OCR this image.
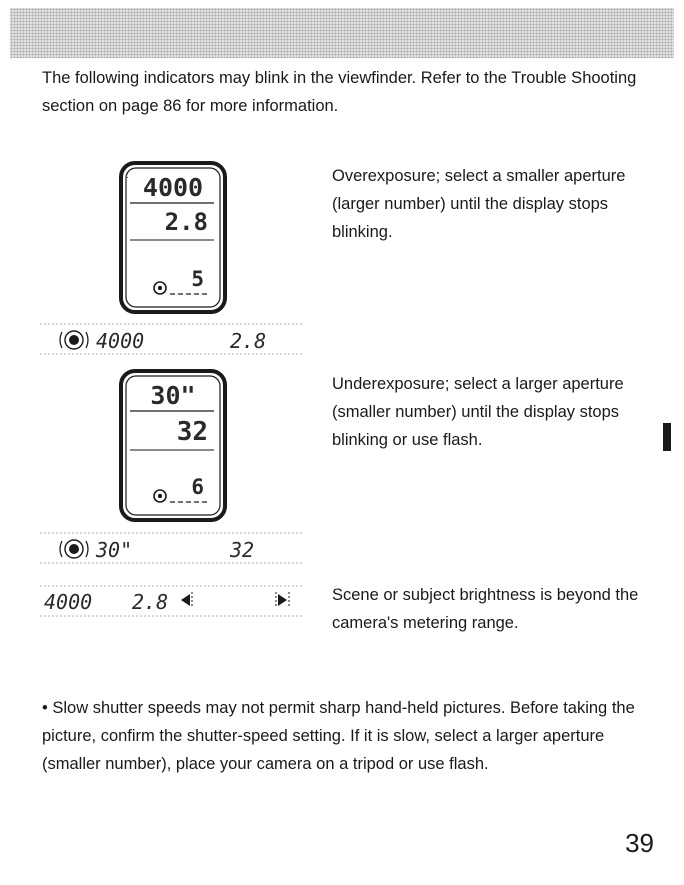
The following indicators may blink in the viewfinder. Refer to the Trouble Shooting section on page 86 for more information.

· 4000
2.8
5
4000	2.8

Overexposure; select a smaller aperture (larger number) until the display stops blinking.

30"
32
6
30"	32

Underexposure; select a larger aperture (smaller number) until the display stops blinking or use flash.

4000 2.8	Scene or subject brightness is beyond the camera's metering range.

• Slow shutter speeds may not permit sharp hand-held pictures. Before taking the picture, confirm the shutter-speed setting. If it is slow, select a larger aperture (smaller number), place your camera on a tripod or use flash.

39
